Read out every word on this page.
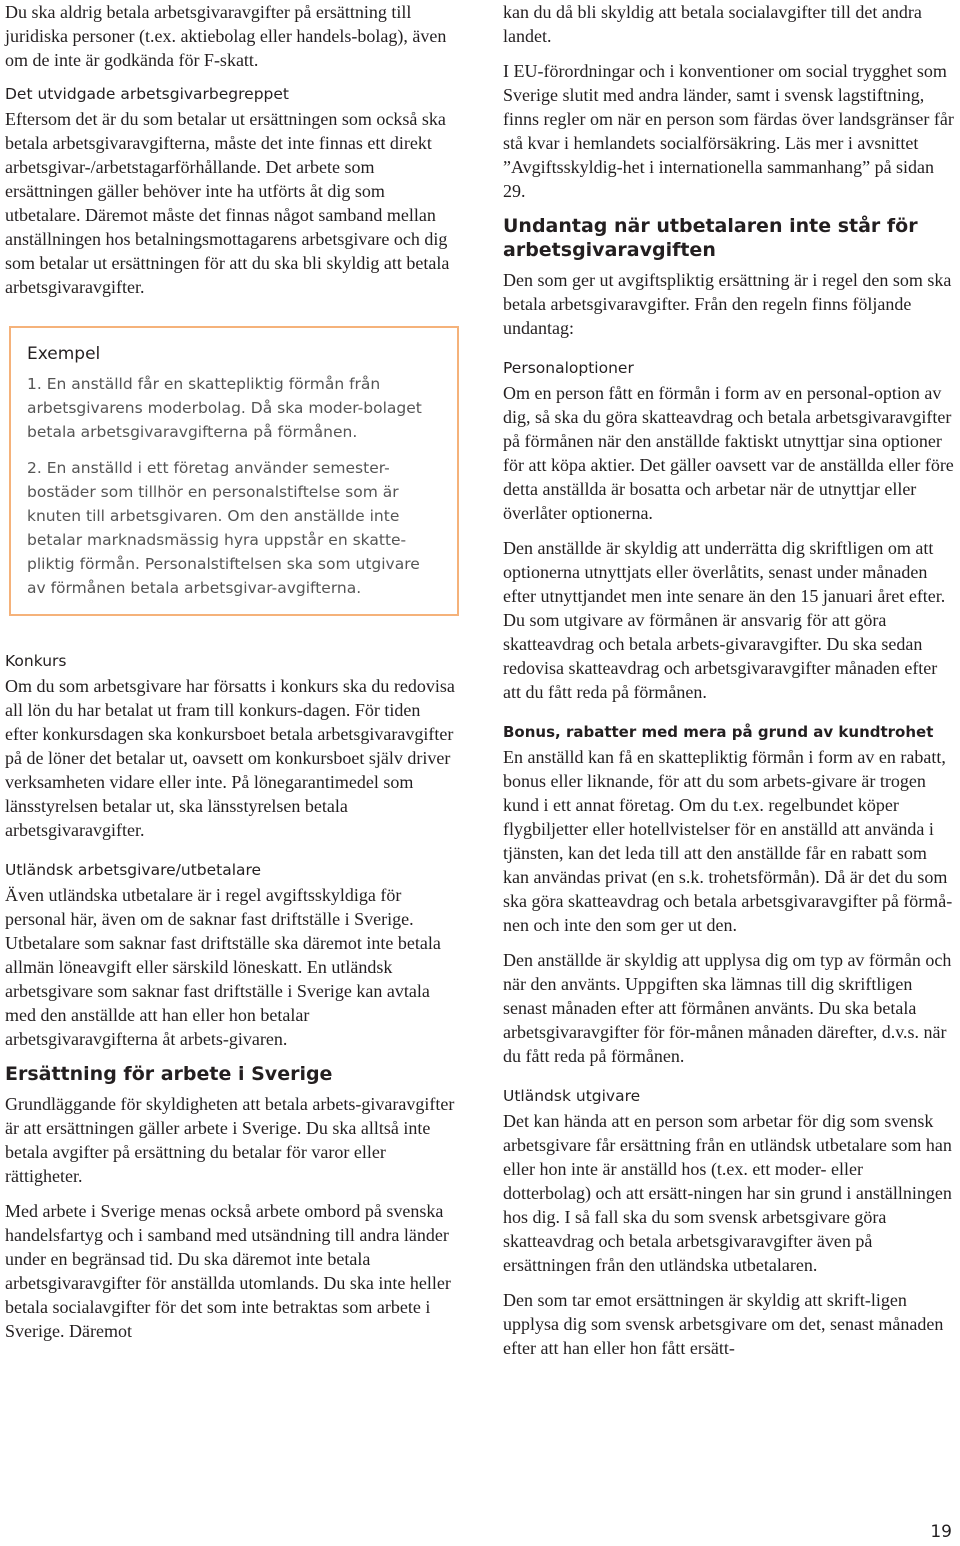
Du ska aldrig betala arbetsgivaravgifter på ersättning till juridiska personer (t.ex. aktiebolag eller handels-bolag), även om de inte är godkända för F-skatt.

Det utvidgade arbetsgivarbegreppet

Eftersom det är du som betalar ut ersättningen som också ska betala arbetsgivaravgifterna, måste det inte finnas ett direkt arbetsgivar-/arbetstagarförhållande. Det arbete som ersättningen gäller behöver inte ha utförts åt dig som utbetalare. Däremot måste det finnas något samband mellan anställningen hos betalningsmottagarens arbetsgivare och dig som betalar ut ersättningen för att du ska bli skyldig att betala arbetsgivaravgifter.

Exempel
1. En anställd får en skattepliktig förmån från arbetsgivarens moderbolag. Då ska moder-bolaget betala arbetsgivaravgifterna på förmånen.
2. En anställd i ett företag använder semester-bostäder som tillhör en personalstiftelse som är knuten till arbetsgivaren. Om den anställde inte betalar marknadsmässig hyra uppstår en skatte-pliktig förmån. Personalstiftelsen ska som utgivare av förmånen betala arbetsgivar-avgifterna.
Konkurs

Om du som arbetsgivare har försatts i konkurs ska du redovisa all lön du har betalat ut fram till konkurs-dagen. För tiden efter konkursdagen ska konkursboet betala arbetsgivaravgifter på de löner det betalar ut, oavsett om konkursboet själv driver verksamheten vidare eller inte. På lönegarantimedel som länsstyrelsen betalar ut, ska länsstyrelsen betala arbetsgivaravgifter.

Utländsk arbetsgivare/utbetalare

Även utländska utbetalare är i regel avgiftsskyldiga för personal här, även om de saknar fast driftställe i Sverige. Utbetalare som saknar fast driftställe ska däremot inte betala allmän löneavgift eller särskild löneskatt. En utländsk arbetsgivare som saknar fast driftställe i Sverige kan avtala med den anställde att han eller hon betalar arbetsgivaravgifterna åt arbets-givaren.

Ersättning för arbete i Sverige

Grundläggande för skyldigheten att betala arbets-givaravgifter är att ersättningen gäller arbete i Sverige. Du ska alltså inte betala avgifter på ersättning du betalar för varor eller rättigheter.

Med arbete i Sverige menas också arbete ombord på svenska handelsfartyg och i samband med utsändning till andra länder under en begränsad tid. Du ska däremot inte betala arbetsgivaravgifter för anställda utomlands. Du ska inte heller betala socialavgifter för det som inte betraktas som arbete i Sverige. Däremot

kan du då bli skyldig att betala socialavgifter till det andra landet.

I EU-förordningar och i konventioner om social trygghet som Sverige slutit med andra länder, samt i svensk lagstiftning, finns regler om när en person som färdas över landsgränser får stå kvar i hemlandets socialförsäkring. Läs mer i avsnittet ”Avgiftsskyldig-het i internationella sammanhang” på sidan 29.

Undantag när utbetalaren inte står för arbetsgivaravgiften

Den som ger ut avgiftspliktig ersättning är i regel den som ska betala arbetsgivaravgifter. Från den regeln finns följande undantag:

Personaloptioner

Om en person fått en förmån i form av en personal-option av dig, så ska du göra skatteavdrag och betala arbetsgivaravgifter på förmånen när den anställde faktiskt utnyttjar sina optioner för att köpa aktier. Det gäller oavsett var de anställda eller före detta anställda är bosatta och arbetar när de utnyttjar eller överlåter optionerna.

Den anställde är skyldig att underrätta dig skriftligen om att optionerna utnyttjats eller överlåtits, senast under månaden efter utnyttjandet men inte senare än den 15 januari året efter. Du som utgivare av förmånen är ansvarig för att göra skatteavdrag och betala arbets-givaravgifter. Du ska sedan redovisa skatteavdrag och arbetsgivaravgifter månaden efter att du fått reda på förmånen.

Bonus, rabatter med mera på grund av kundtrohet

En anställd kan få en skattepliktig förmån i form av en rabatt, bonus eller liknande, för att du som arbets-givare är trogen kund i ett annat företag. Om du t.ex. regelbundet köper flygbiljetter eller hotellvistelser för en anställd att använda i tjänsten, kan det leda till att den anställde får en rabatt som kan användas privat (en s.k. trohetsförmån). Då är det du som ska göra skatteavdrag och betala arbetsgivaravgifter på förmå-nen och inte den som ger ut den.

Den anställde är skyldig att upplysa dig om typ av förmån och när den använts. Uppgiften ska lämnas till dig skriftligen senast månaden efter att förmånen använts. Du ska betala arbetsgivaravgifter för för-månen månaden därefter, d.v.s. när du fått reda på förmånen.

Utländsk utgivare

Det kan hända att en person som arbetar för dig som svensk arbetsgivare får ersättning från en utländsk utbetalare som han eller hon inte är anställd hos (t.ex. ett moder- eller dotterbolag) och att ersätt-ningen har sin grund i anställningen hos dig. I så fall ska du som svensk arbetsgivare göra skatteavdrag och betala arbetsgivaravgifter även på ersättningen från den utländska utbetalaren.

Den som tar emot ersättningen är skyldig att skrift-ligen upplysa dig som svensk arbetsgivare om det, senast månaden efter att han eller hon fått ersätt-

19
